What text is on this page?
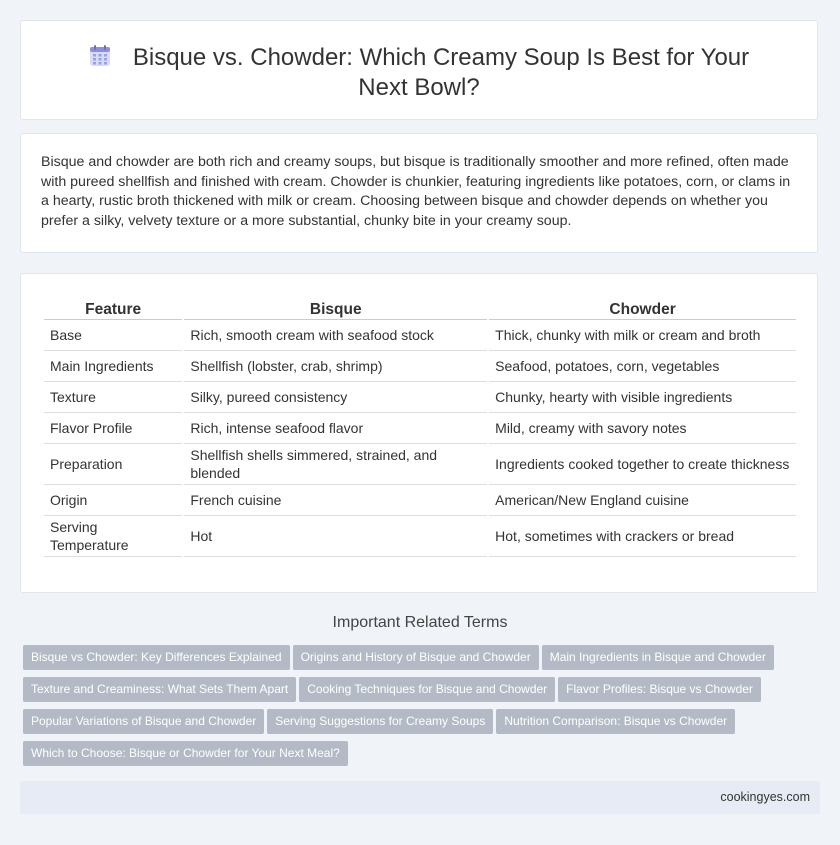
Bisque vs. Chowder: Which Creamy Soup Is Best for Your Next Bowl?
Bisque and chowder are both rich and creamy soups, but bisque is traditionally smoother and more refined, often made with pureed shellfish and finished with cream. Chowder is chunkier, featuring ingredients like potatoes, corn, or clams in a hearty, rustic broth thickened with milk or cream. Choosing between bisque and chowder depends on whether you prefer a silky, velvety texture or a more substantial, chunky bite in your creamy soup.
Feature	Bisque	Chowder
Base	Rich, smooth cream with seafood stock	Thick, chunky with milk or cream and broth
Main Ingredients	Shellfish (lobster, crab, shrimp)	Seafood, potatoes, corn, vegetables
Texture	Silky, pureed consistency	Chunky, hearty with visible ingredients
Flavor Profile	Rich, intense seafood flavor	Mild, creamy with savory notes
Preparation	Shellfish shells simmered, strained, and blended	Ingredients cooked together to create thickness
Origin	French cuisine	American/New England cuisine
Serving Temperature	Hot	Hot, sometimes with crackers or bread
Important Related Terms
Bisque vs Chowder: Key Differences Explained Origins and History of Bisque and Chowder Main Ingredients in Bisque and Chowder
Texture and Creaminess: What Sets Them Apart Cooking Techniques for Bisque and Chowder Flavor Profiles: Bisque vs Chowder
Popular Variations of Bisque and Chowder Serving Suggestions for Creamy Soups Nutrition Comparison: Bisque vs Chowder
Which to Choose: Bisque or Chowder for Your Next Meal?
cookingyes.com
